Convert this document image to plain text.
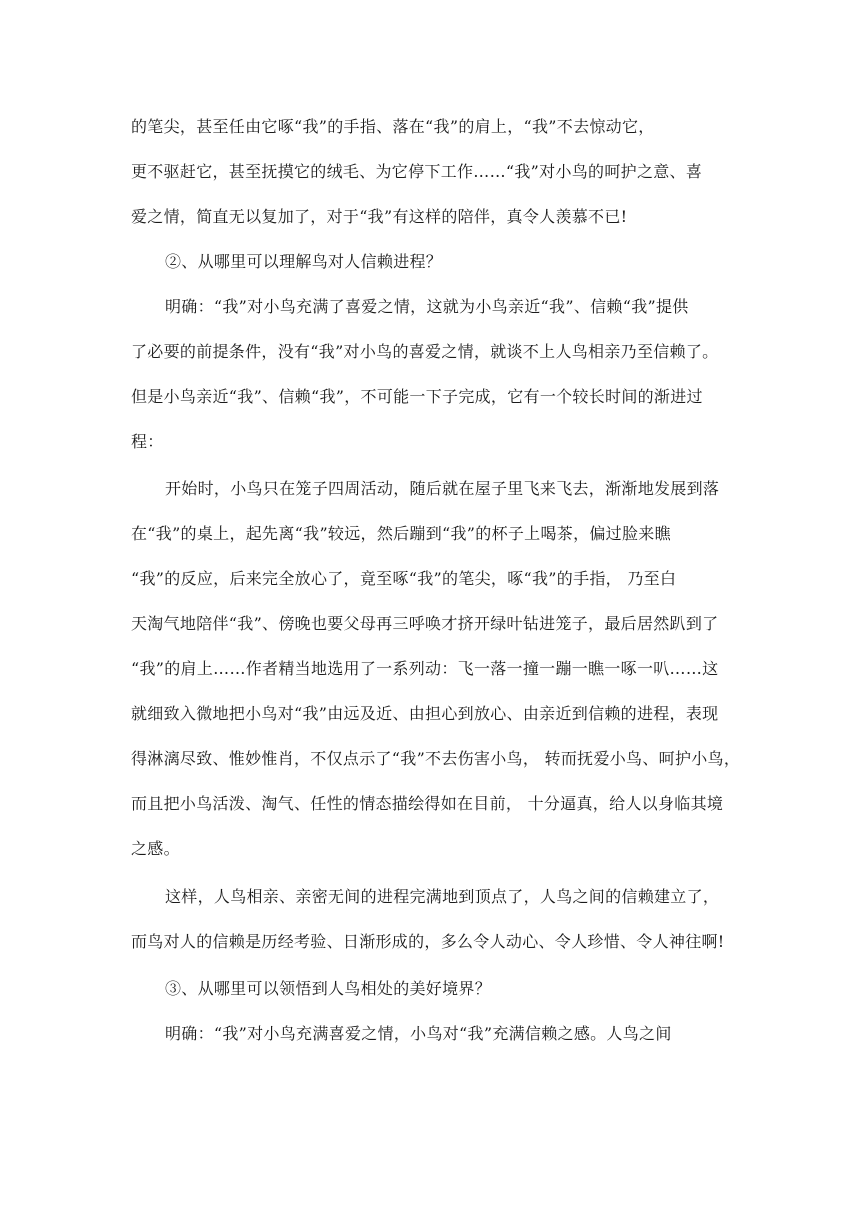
的笔尖，甚至任由它啄“我”的手指、落在“我”的肩上，“我”不去惊动它，
更不驱赶它，甚至抚摸它的绒毛、为它停下工作……“我”对小鸟的呵护之意、喜
爱之情，简直无以复加了，对于“我”有这样的陪伴，真令人羡慕不已!
②、从哪里可以理解鸟对人信赖进程？
明确：“我”对小鸟充满了喜爱之情，这就为小鸟亲近“我”、信赖“我”提供
了必要的前提条件，没有“我”对小鸟的喜爱之情，就谈不上人鸟相亲乃至信赖了。
但是小鸟亲近“我”、信赖“我”，不可能一下子完成，它有一个较长时间的渐进过
程：
开始时，小鸟只在笼子四周活动，随后就在屋子里飞来飞去，渐渐地发展到落
在“我”的桌上，起先离“我”较远，然后蹦到“我”的杯子上喝茶，偏过脸来瞧
“我”的反应，后来完全放心了，竟至啄“我”的笔尖，啄“我”的手指， 乃至白
天淘气地陪伴“我”、傍晚也要父母再三呼唤才挤开绿叶钻进笼子，最后居然趴到了
“我”的肩上……作者精当地选用了一系列动：飞一落一撞一蹦一瞧一啄一叭……这
就细致入微地把小鸟对“我”由远及近、由担心到放心、由亲近到信赖的进程，表现
得淋漓尽致、惟妙惟肖，不仅点示了“我”不去伤害小鸟， 转而抚爱小鸟、呵护小鸟，
而且把小鸟活泼、淘气、任性的情态描绘得如在目前， 十分逼真，给人以身临其境
之感。
这样，人鸟相亲、亲密无间的进程完满地到顶点了，人鸟之间的信赖建立了，
而鸟对人的信赖是历经考验、日渐形成的，多么令人动心、令人珍惜、令人神往啊!
③、从哪里可以领悟到人鸟相处的美好境界？
明确：“我”对小鸟充满喜爱之情，小鸟对“我”充满信赖之感。人鸟之间
